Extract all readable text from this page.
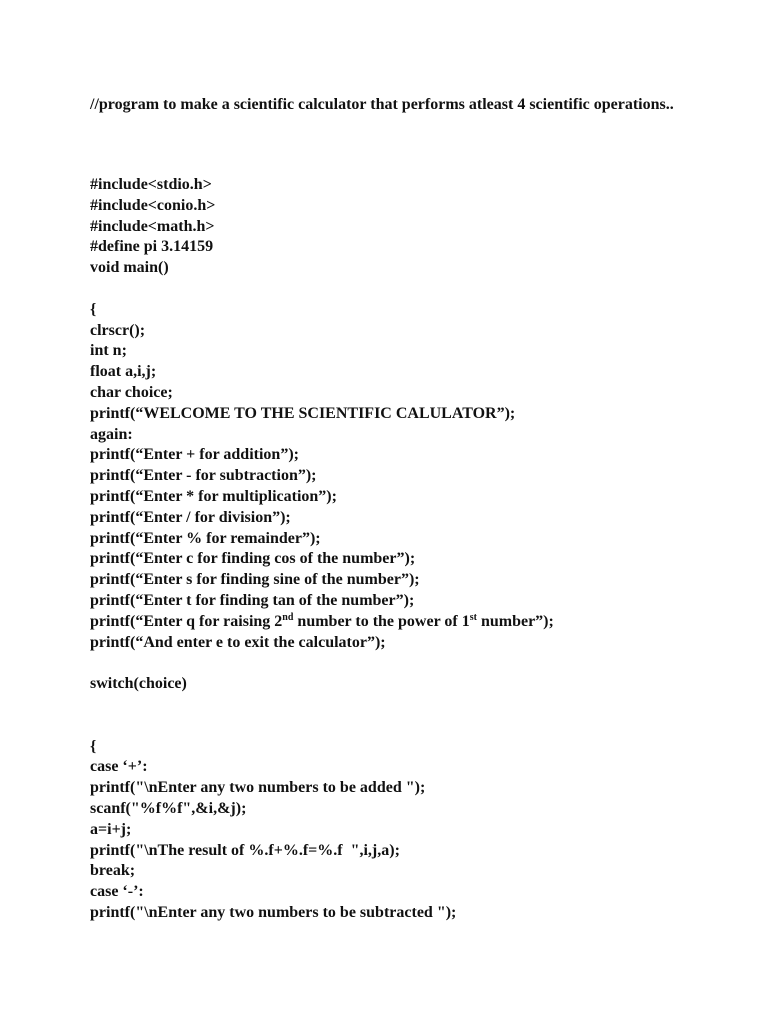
//program to make a scientific calculator that performs atleast 4 scientific operations..

#include<stdio.h>
#include<conio.h>
#include<math.h>
#define pi 3.14159
void main()
{
clrscr();
int n;
float a,i,j;
char choice;
printf(“WELCOME TO THE SCIENTIFIC CALULATOR”);
again:
printf(“Enter + for addition”);
printf(“Enter - for subtraction”);
printf(“Enter * for multiplication”);
printf(“Enter / for division”);
printf(“Enter % for remainder”);
printf(“Enter c for finding cos of the number”);
printf(“Enter s for finding sine of the number”);
printf(“Enter t for finding tan of the number”);
printf(“Enter q for raising 2nd number to the power of 1st number”);
printf(“And enter e to exit the calculator”);
switch(choice)
{
case ‘+’:
printf("\nEnter any two numbers to be added ");
scanf("%f%f",&i,&j);
a=i+j;
printf("\nThe result of %.f+%.f=%.f  ",i,j,a);
break;
case ‘-’:
printf("\nEnter any two numbers to be subtracted ");
